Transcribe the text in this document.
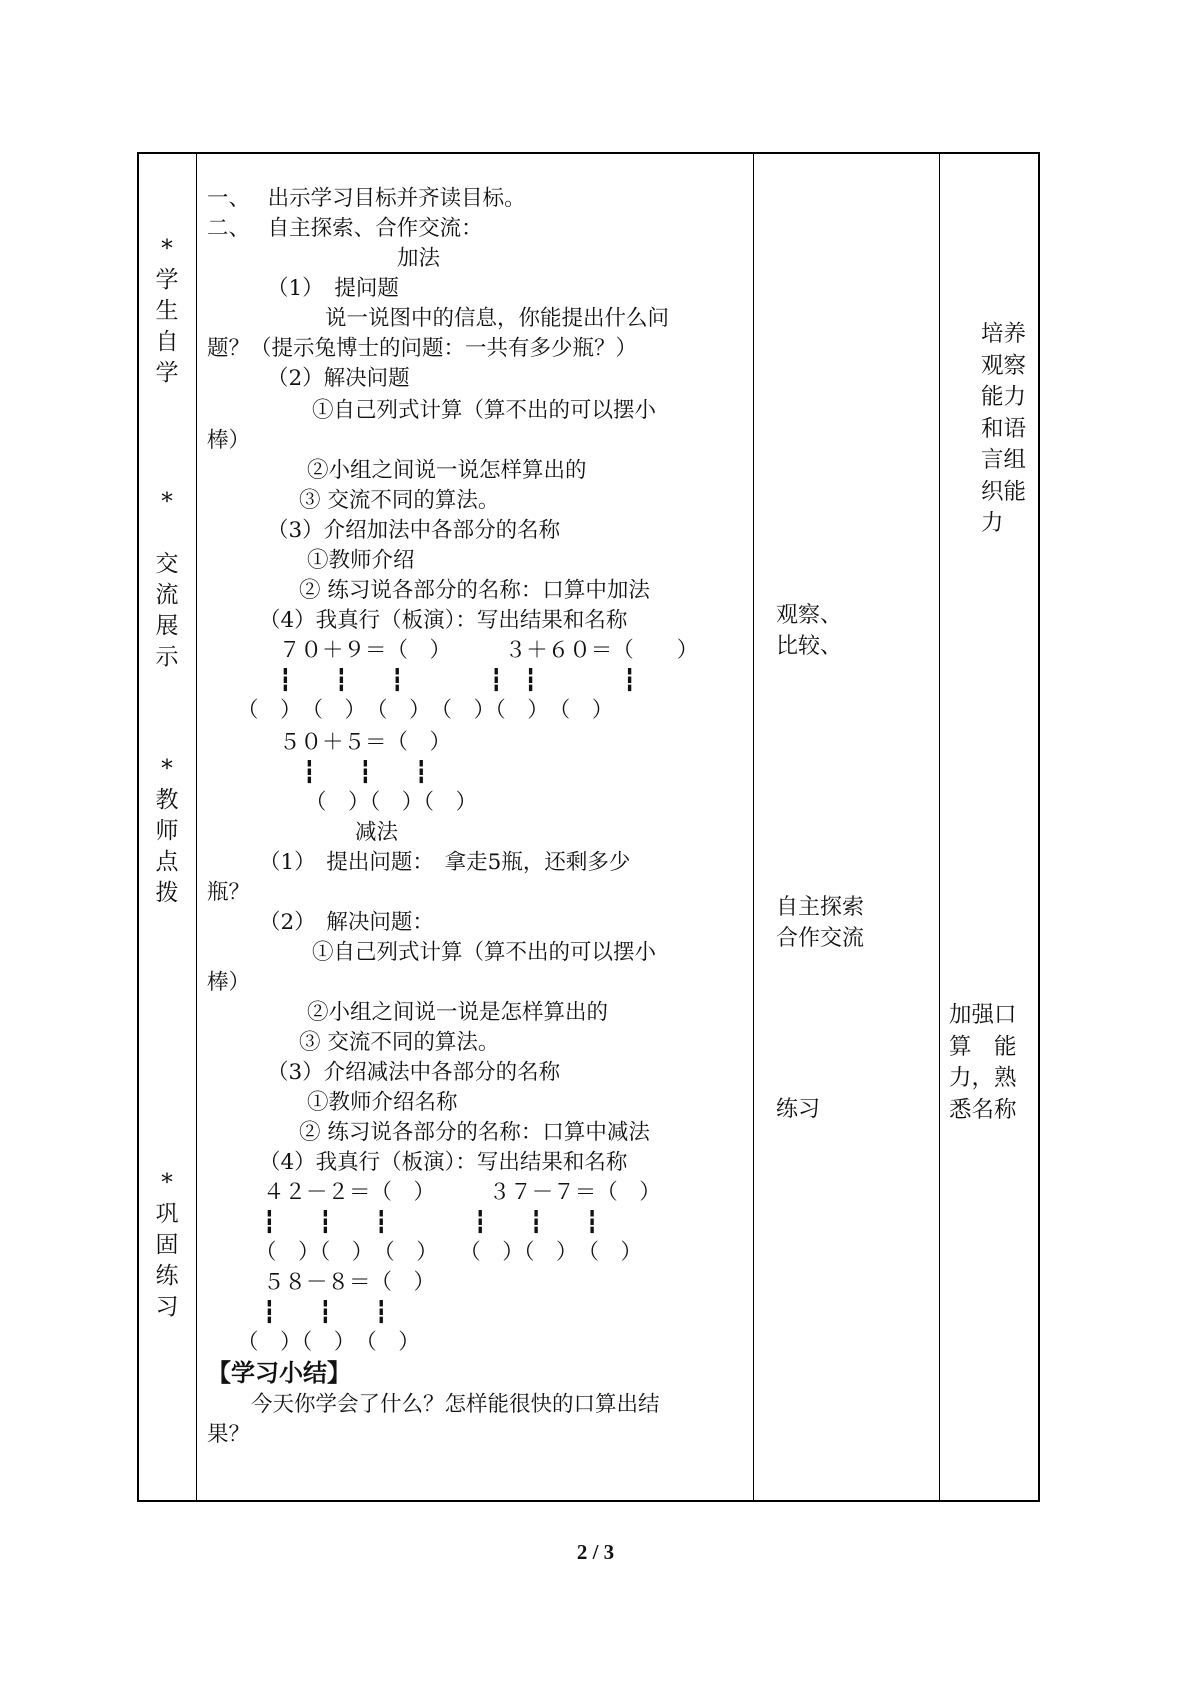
*
学
生
自
学
*

交
流
展
示
*
教
师
点
拨
*
巩
固
练
习
一、　 出示学习目标并齐读目标。
二、　 自主探索、合作交流：
加法
（1）　提问题
说一说图中的信息，你能提出什么问
题？（提示兔博士的问题：一共有多少瓶？）
（2）解决问题
①自己列式计算（算不出的可以摆小
棒）
②小组之间说一说怎样算出的
③ 交流不同的算法。
（3）介绍加法中各部分的名称
①教师介绍
② 练习说各部分的名称：口算中加法
（4）我真行（板演）：写出结果和名称
７０＋９＝（　）　　　３＋６０＝（　　）
┇　　┇　　┇　　　　┇　┇　　　　┇
（　）　（　）　（　）　（　）（　）　（　）
５０＋５＝（　）
┇　　┇　　┇
（　）（　）（　）
减法
（1）　提出问题：　拿走5瓶，还剩多少
瓶？
（2）　解决问题：
①自己列式计算（算不出的可以摆小
棒）
②小组之间说一说是怎样算出的
③ 交流不同的算法。
（3）介绍减法中各部分的名称
①教师介绍名称
② 练习说各部分的名称：口算中减法
（4）我真行（板演）：写出结果和名称
４２－２＝（　）　　　３７－７＝（　）
┇　　┇　　┇　　　　┇　　┇　　┇
（　）（　）　（　）　　（　）（　）　（　）
５８－８＝（　）
┇　　┇　　┇
（　）（　）　（　）
【学习小结】
今天你学会了什么？怎样能很快的口算出结
果？
观察、
比较、
自主探索
合作交流
练习
培养
观察
能力
和语
言组
织能
力

加强口
算　能
力，熟
悉名称

2 / 3
